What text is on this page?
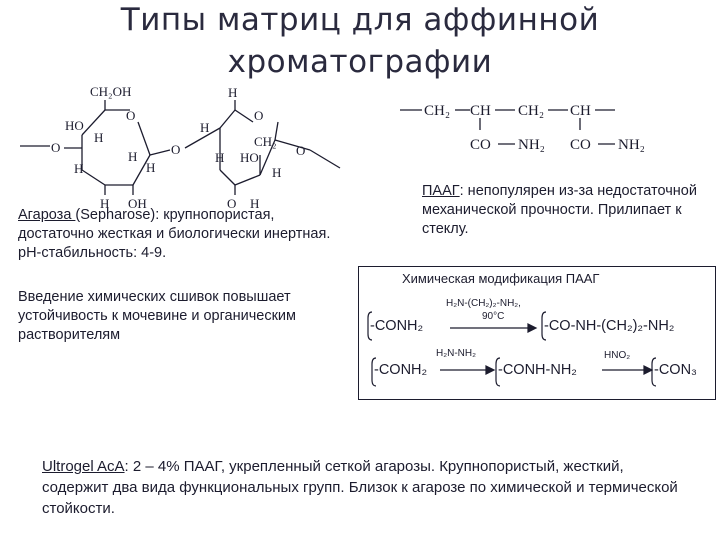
Типы матриц для аффинной
хроматографии
CH₂OH
O
HO
H
O
H
H
H
H OH
O
H
H
O
CH₂
H HO
H
O
O H
CH₂ CH CH₂ CH
CO NH₂ CO NH₂
Агароза (Sepharose): крупнопористая, достаточно жесткая и биологически инертная. рН-стабильность: 4-9.
Введение химических сшивок повышает устойчивость к мочевине и органическим растворителям
ПААГ: непопулярен из-за недостаточной механической прочности. Прилипает к стеклу.
Химическая модификация ПААГ
-CONH₂
H₂N-(CH₂)₂-NH₂,
90°C
-CO-NH-(CH₂)₂-NH₂
-CONH₂
H₂N-NH₂
-CONH-NH₂
HNO₂
-CON₃
Ultrogel AcA: 2 – 4% ПААГ, укрепленный сеткой агарозы. Крупнопористый, жесткий, содержит два вида функциональных групп. Близок к агарозе по химической и термической стойкости.
